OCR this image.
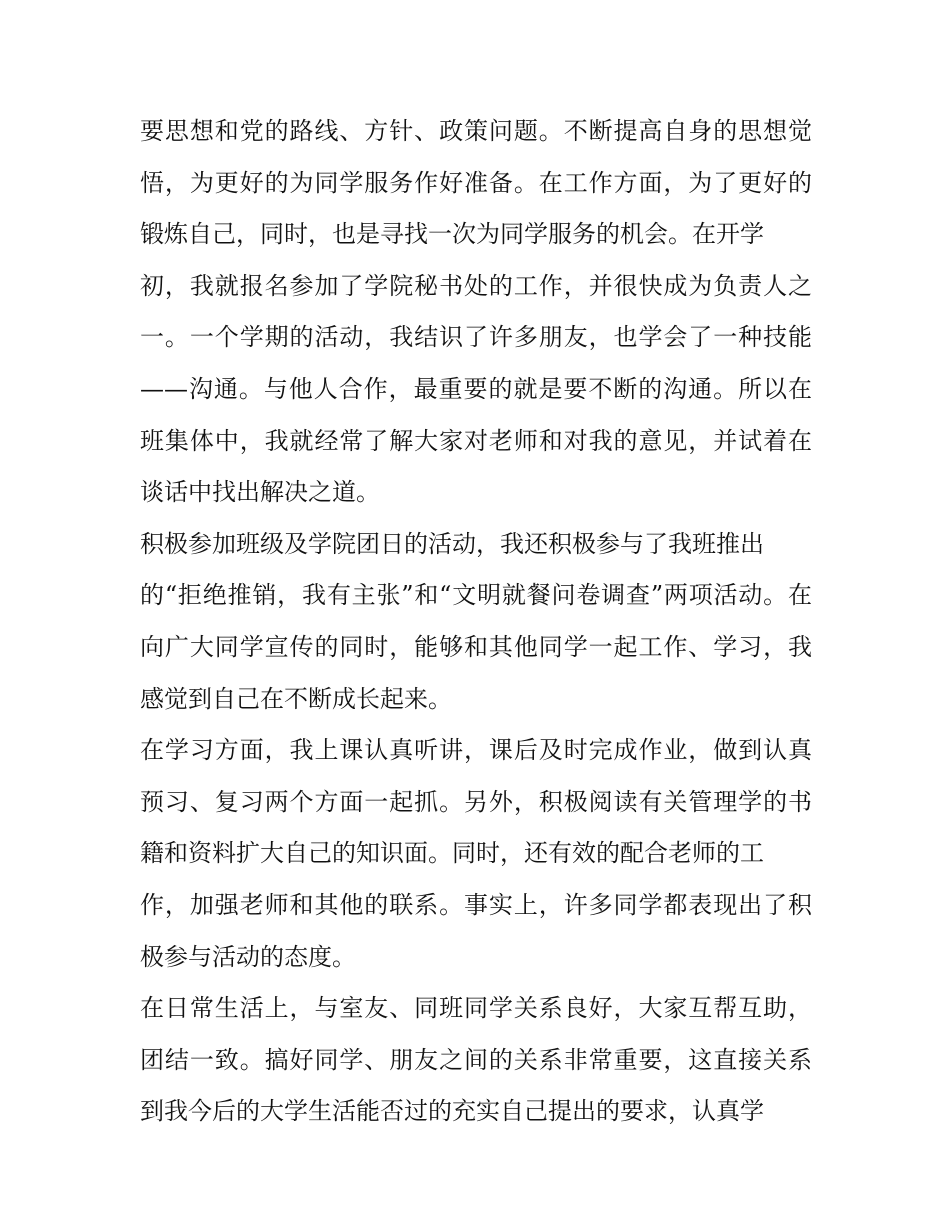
要思想和党的路线、方针、政策问题。不断提高自身的思想觉
悟，为更好的为同学服务作好准备。在工作方面，为了更好的
锻炼自己，同时，也是寻找一次为同学服务的机会。在开学
初，我就报名参加了学院秘书处的工作，并很快成为负责人之
一。一个学期的活动，我结识了许多朋友，也学会了一种技能
——沟通。与他人合作，最重要的就是要不断的沟通。所以在
班集体中，我就经常了解大家对老师和对我的意见，并试着在
谈话中找出解决之道。
积极参加班级及学院团日的活动，我还积极参与了我班推出
的“拒绝推销，我有主张”和“文明就餐问卷调查”两项活动。在
向广大同学宣传的同时，能够和其他同学一起工作、学习，我
感觉到自己在不断成长起来。
在学习方面，我上课认真听讲，课后及时完成作业，做到认真
预习、复习两个方面一起抓。另外，积极阅读有关管理学的书
籍和资料扩大自己的知识面。同时，还有效的配合老师的工
作，加强老师和其他的联系。事实上，许多同学都表现出了积
极参与活动的态度。
在日常生活上，与室友、同班同学关系良好，大家互帮互助，
团结一致。搞好同学、朋友之间的关系非常重要，这直接关系
到我今后的大学生活能否过的充实自己提出的要求，认真学
